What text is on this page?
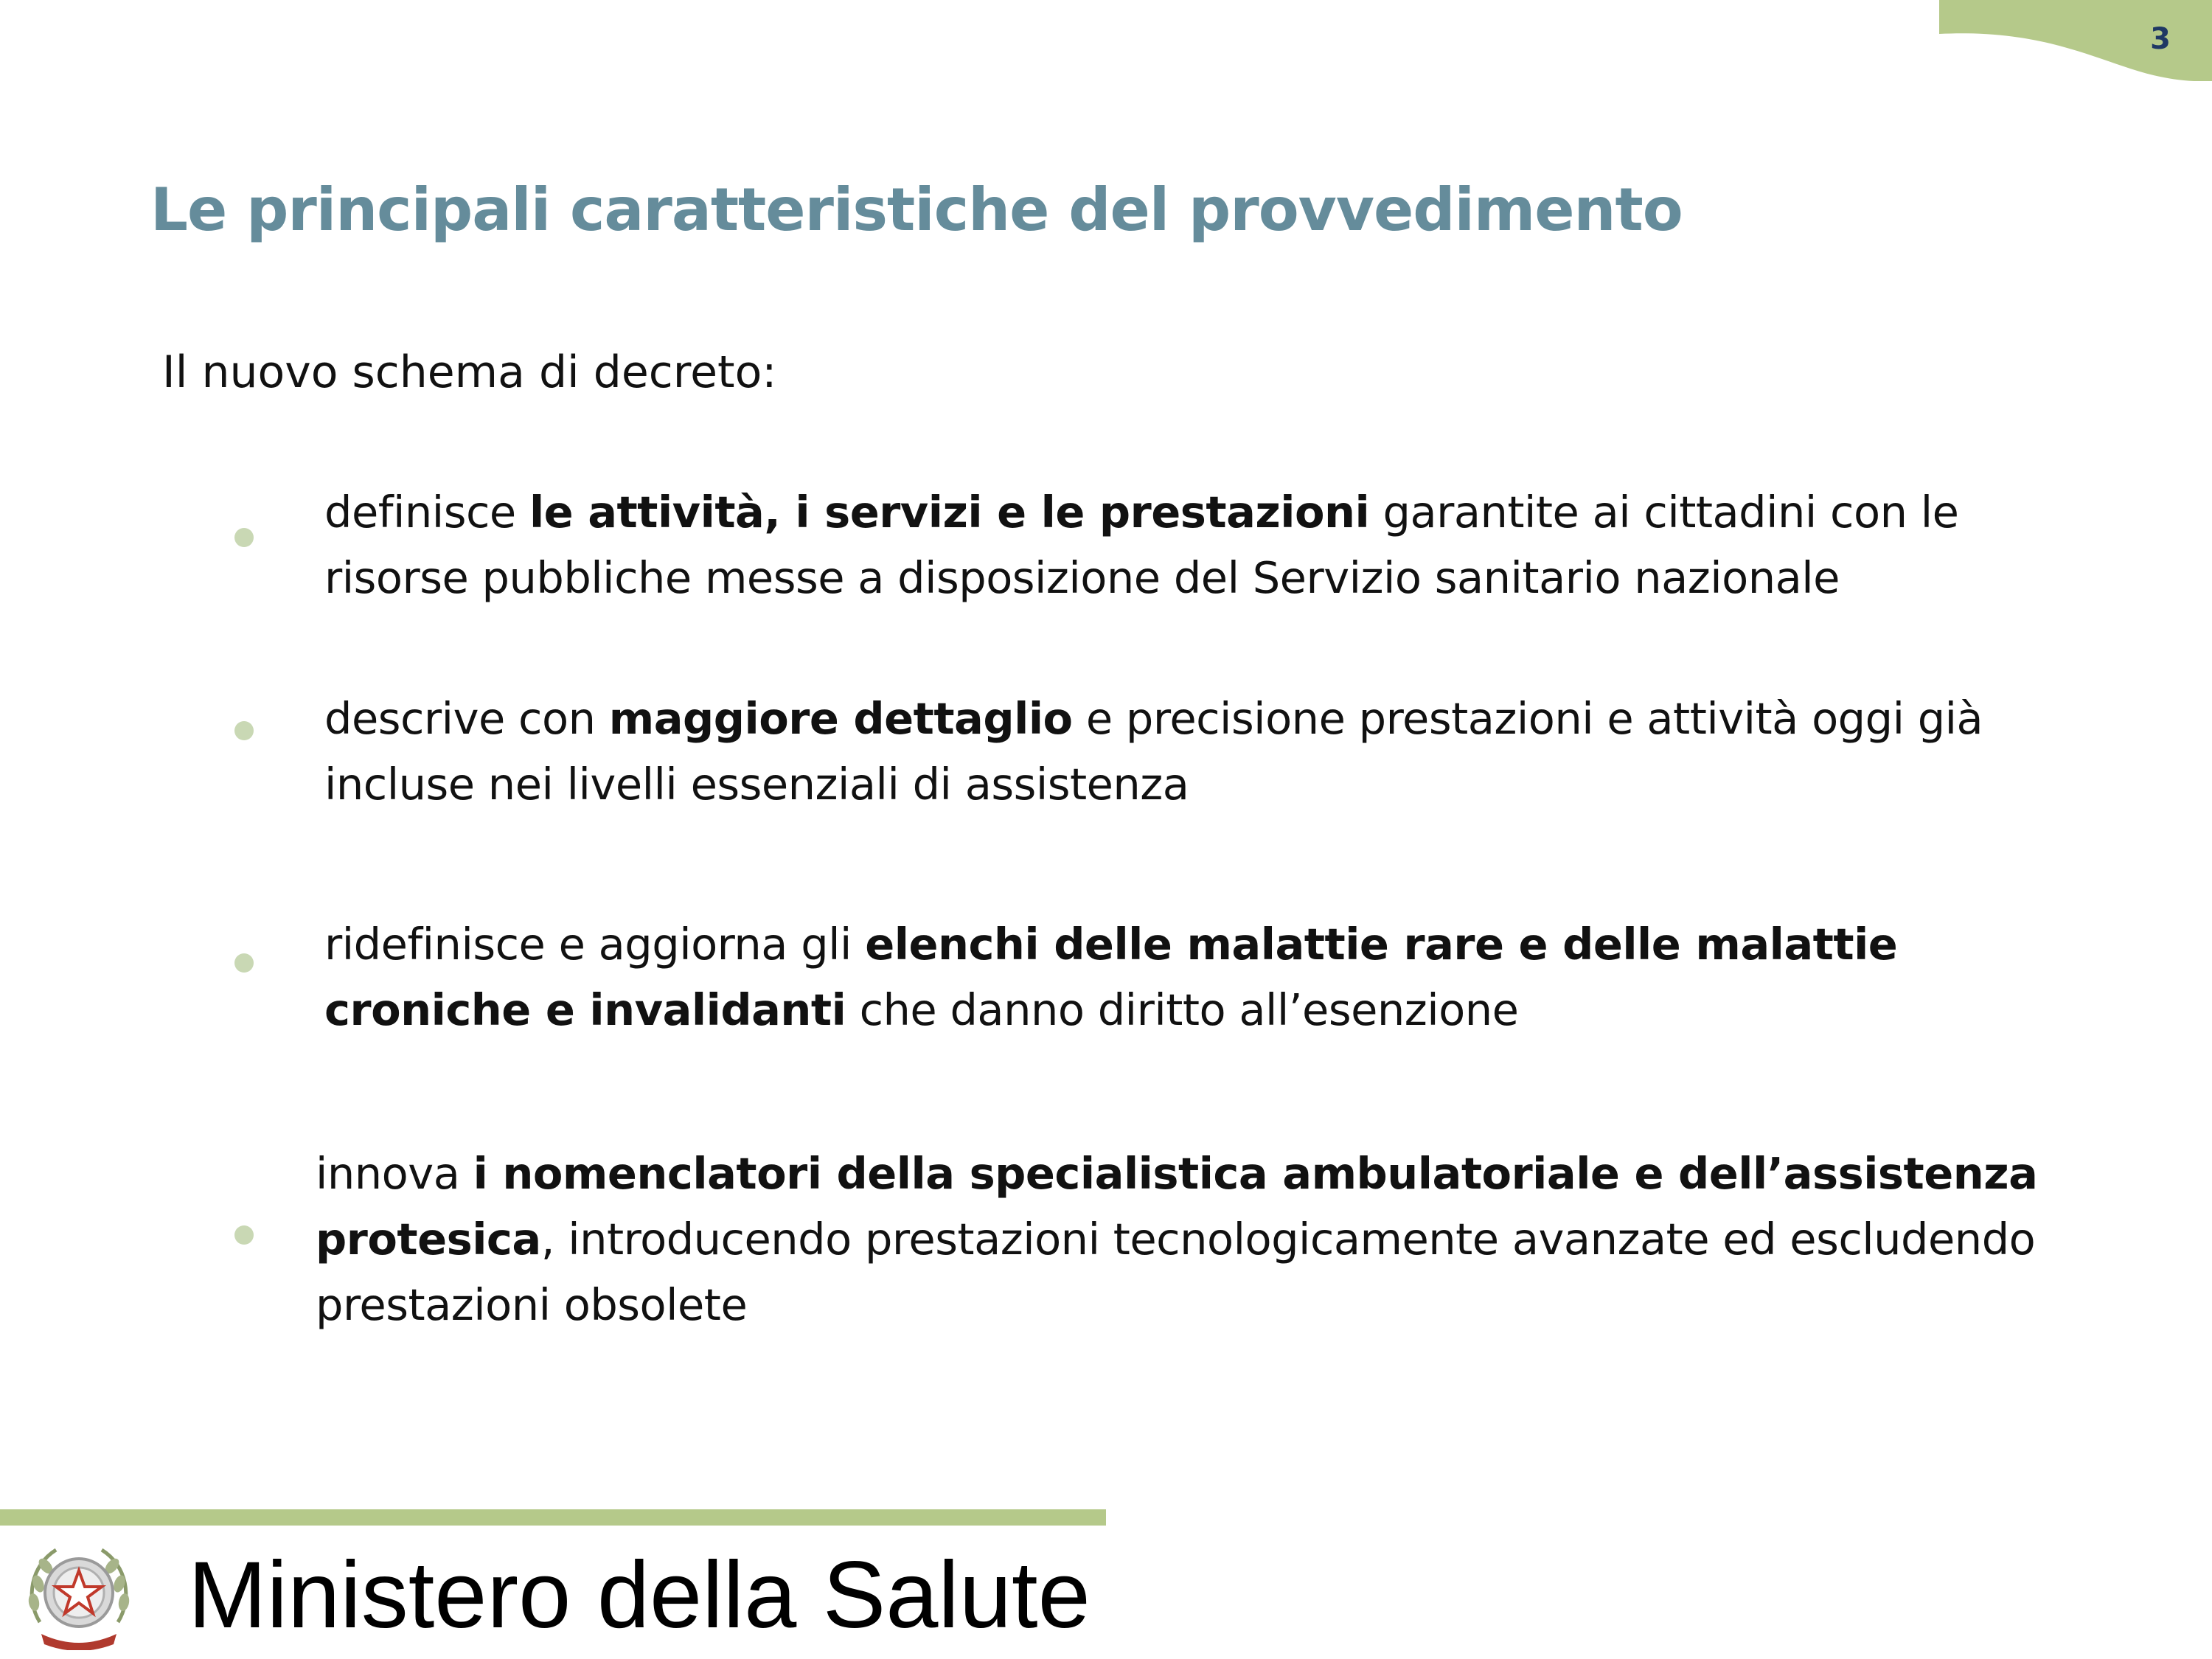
3
Le principali caratteristiche del provvedimento
Il nuovo schema di decreto:

definisce le attività, i servizi e le prestazioni garantite ai cittadini con le risorse pubbliche messe a disposizione del Servizio sanitario nazionale

descrive con maggiore dettaglio e precisione prestazioni e attività oggi già incluse nei livelli essenziali di assistenza

ridefinisce e aggiorna gli elenchi delle malattie rare e delle malattie croniche e invalidanti che danno diritto all’esenzione

innova i nomenclatori della specialistica ambulatoriale e dell’assistenza protesica, introducendo prestazioni tecnologicamente avanzate ed escludendo prestazioni obsolete

Ministero della Salute
